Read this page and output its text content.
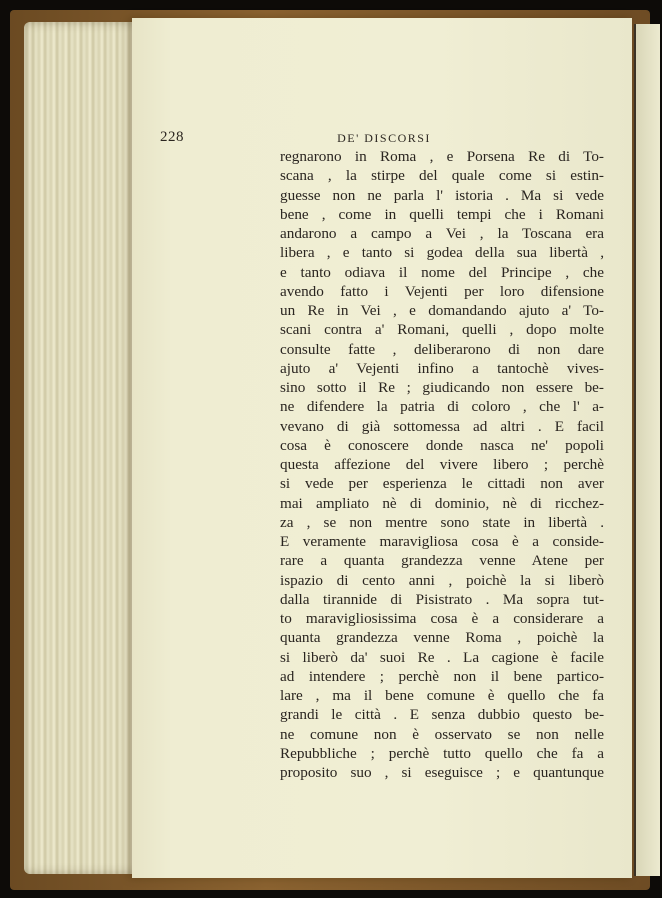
228	DE' DISCORSI
regnarono in Roma , e Porsena Re di To-
scana , la stirpe del quale come si estin-
guesse non ne parla l' istoria . Ma si vede
bene , come in quelli tempi che i Romani
andarono a campo a Vei , la Toscana era
libera , e tanto si godea della sua libertà ,
e tanto odiava il nome del Principe , che
avendo fatto i Vejenti per loro difensione
un Re in Vei , e domandando ajuto a' To-
scani contra a' Romani, quelli , dopo molte
consulte fatte , deliberarono di non dare
ajuto a' Vejenti infino a tantochè vives-
sino sotto il Re ; giudicando non essere be-
ne difendere la patria di coloro , che l' a-
vevano di già sottomessa ad altri . E facil
cosa è conoscere donde nasca ne' popoli
questa affezione del vivere libero ; perchè
si vede per esperienza le cittadi non aver
mai ampliato nè di dominio, nè di ricchez-
za , se non mentre sono state in libertà .
E veramente maravigliosa cosa è a conside-
rare a quanta grandezza venne Atene per
ispazio di cento anni , poichè la si liberò
dalla tirannide di Pisistrato . Ma sopra tut-
to maravigliosissima cosa è a considerare a
quanta grandezza venne Roma , poichè la
si liberò da' suoi Re . La cagione è facile
ad intendere ; perchè non il bene partico-
lare , ma il bene comune è quello che fa
grandi le città . E senza dubbio questo be-
ne comune non è osservato se non nelle
Repubbliche ; perchè tutto quello che fa a
proposito suo , si eseguisce ; e quantunque
